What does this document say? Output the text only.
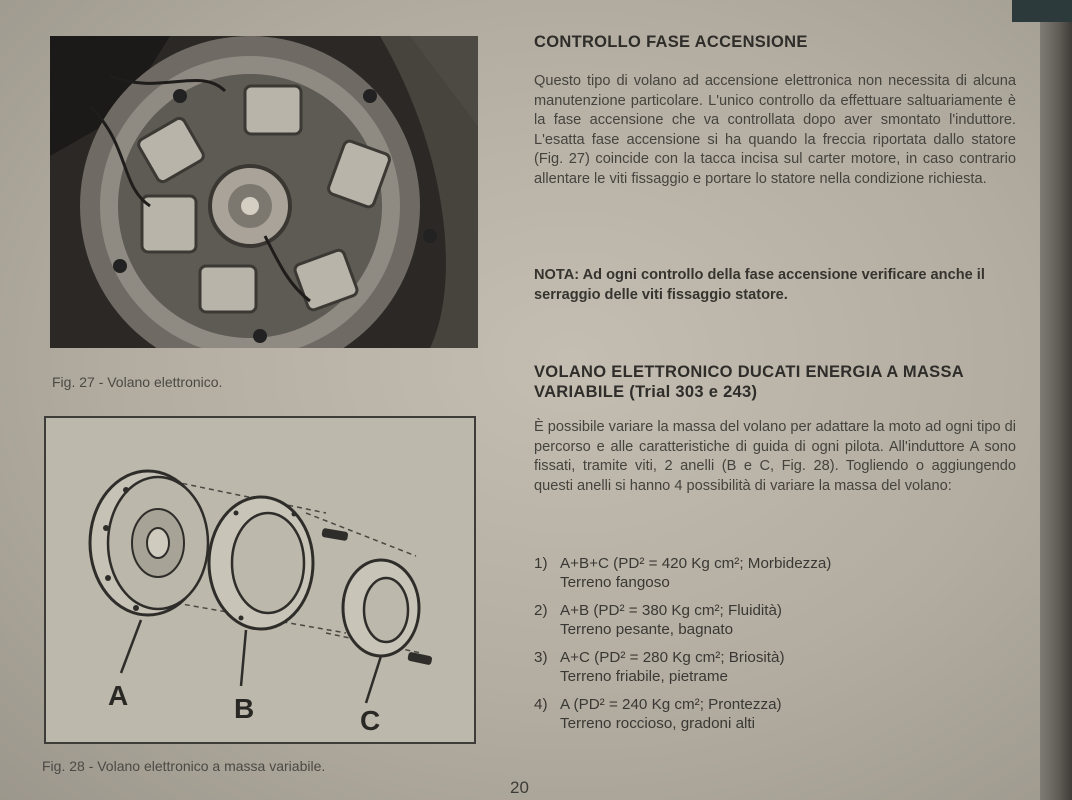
Fig. 27 - Volano elettronico.
A	B	C
Fig. 28 - Volano elettronico a massa variabile.
CONTROLLO FASE ACCENSIONE
Questo tipo di volano ad accensione elettronica non necessita di alcuna manutenzione particolare. L'unico controllo da effettuare saltuariamente è la fase accensione che va controllata dopo aver smontato l'induttore. L'esatta fase accensione si ha quando la freccia riportata dallo statore (Fig. 27) coincide con la tacca incisa sul carter motore, in caso contrario allentare le viti fissaggio e portare lo statore nella condizione richiesta.
NOTA: Ad ogni controllo della fase accensione verificare anche il serraggio delle viti fissaggio statore.
VOLANO ELETTRONICO DUCATI ENERGIA A MASSA VARIABILE (Trial 303 e 243)
È possibile variare la massa del volano per adattare la moto ad ogni tipo di percorso e alle caratteristiche di guida di ogni pilota. All'induttore A sono fissati, tramite viti, 2 anelli (B e C, Fig. 28). Togliendo o aggiungendo questi anelli si hanno 4 possibilità di variare la massa del volano:
1) A+B+C (PD² = 420 Kg cm²; Morbidezza)
Terreno fangoso
2) A+B (PD² = 380 Kg cm²; Fluidità)
Terreno pesante, bagnato
3) A+C (PD² = 280 Kg cm²; Briosità)
Terreno friabile, pietrame
4) A (PD² = 240 Kg cm²; Prontezza)
Terreno roccioso, gradoni alti
20
